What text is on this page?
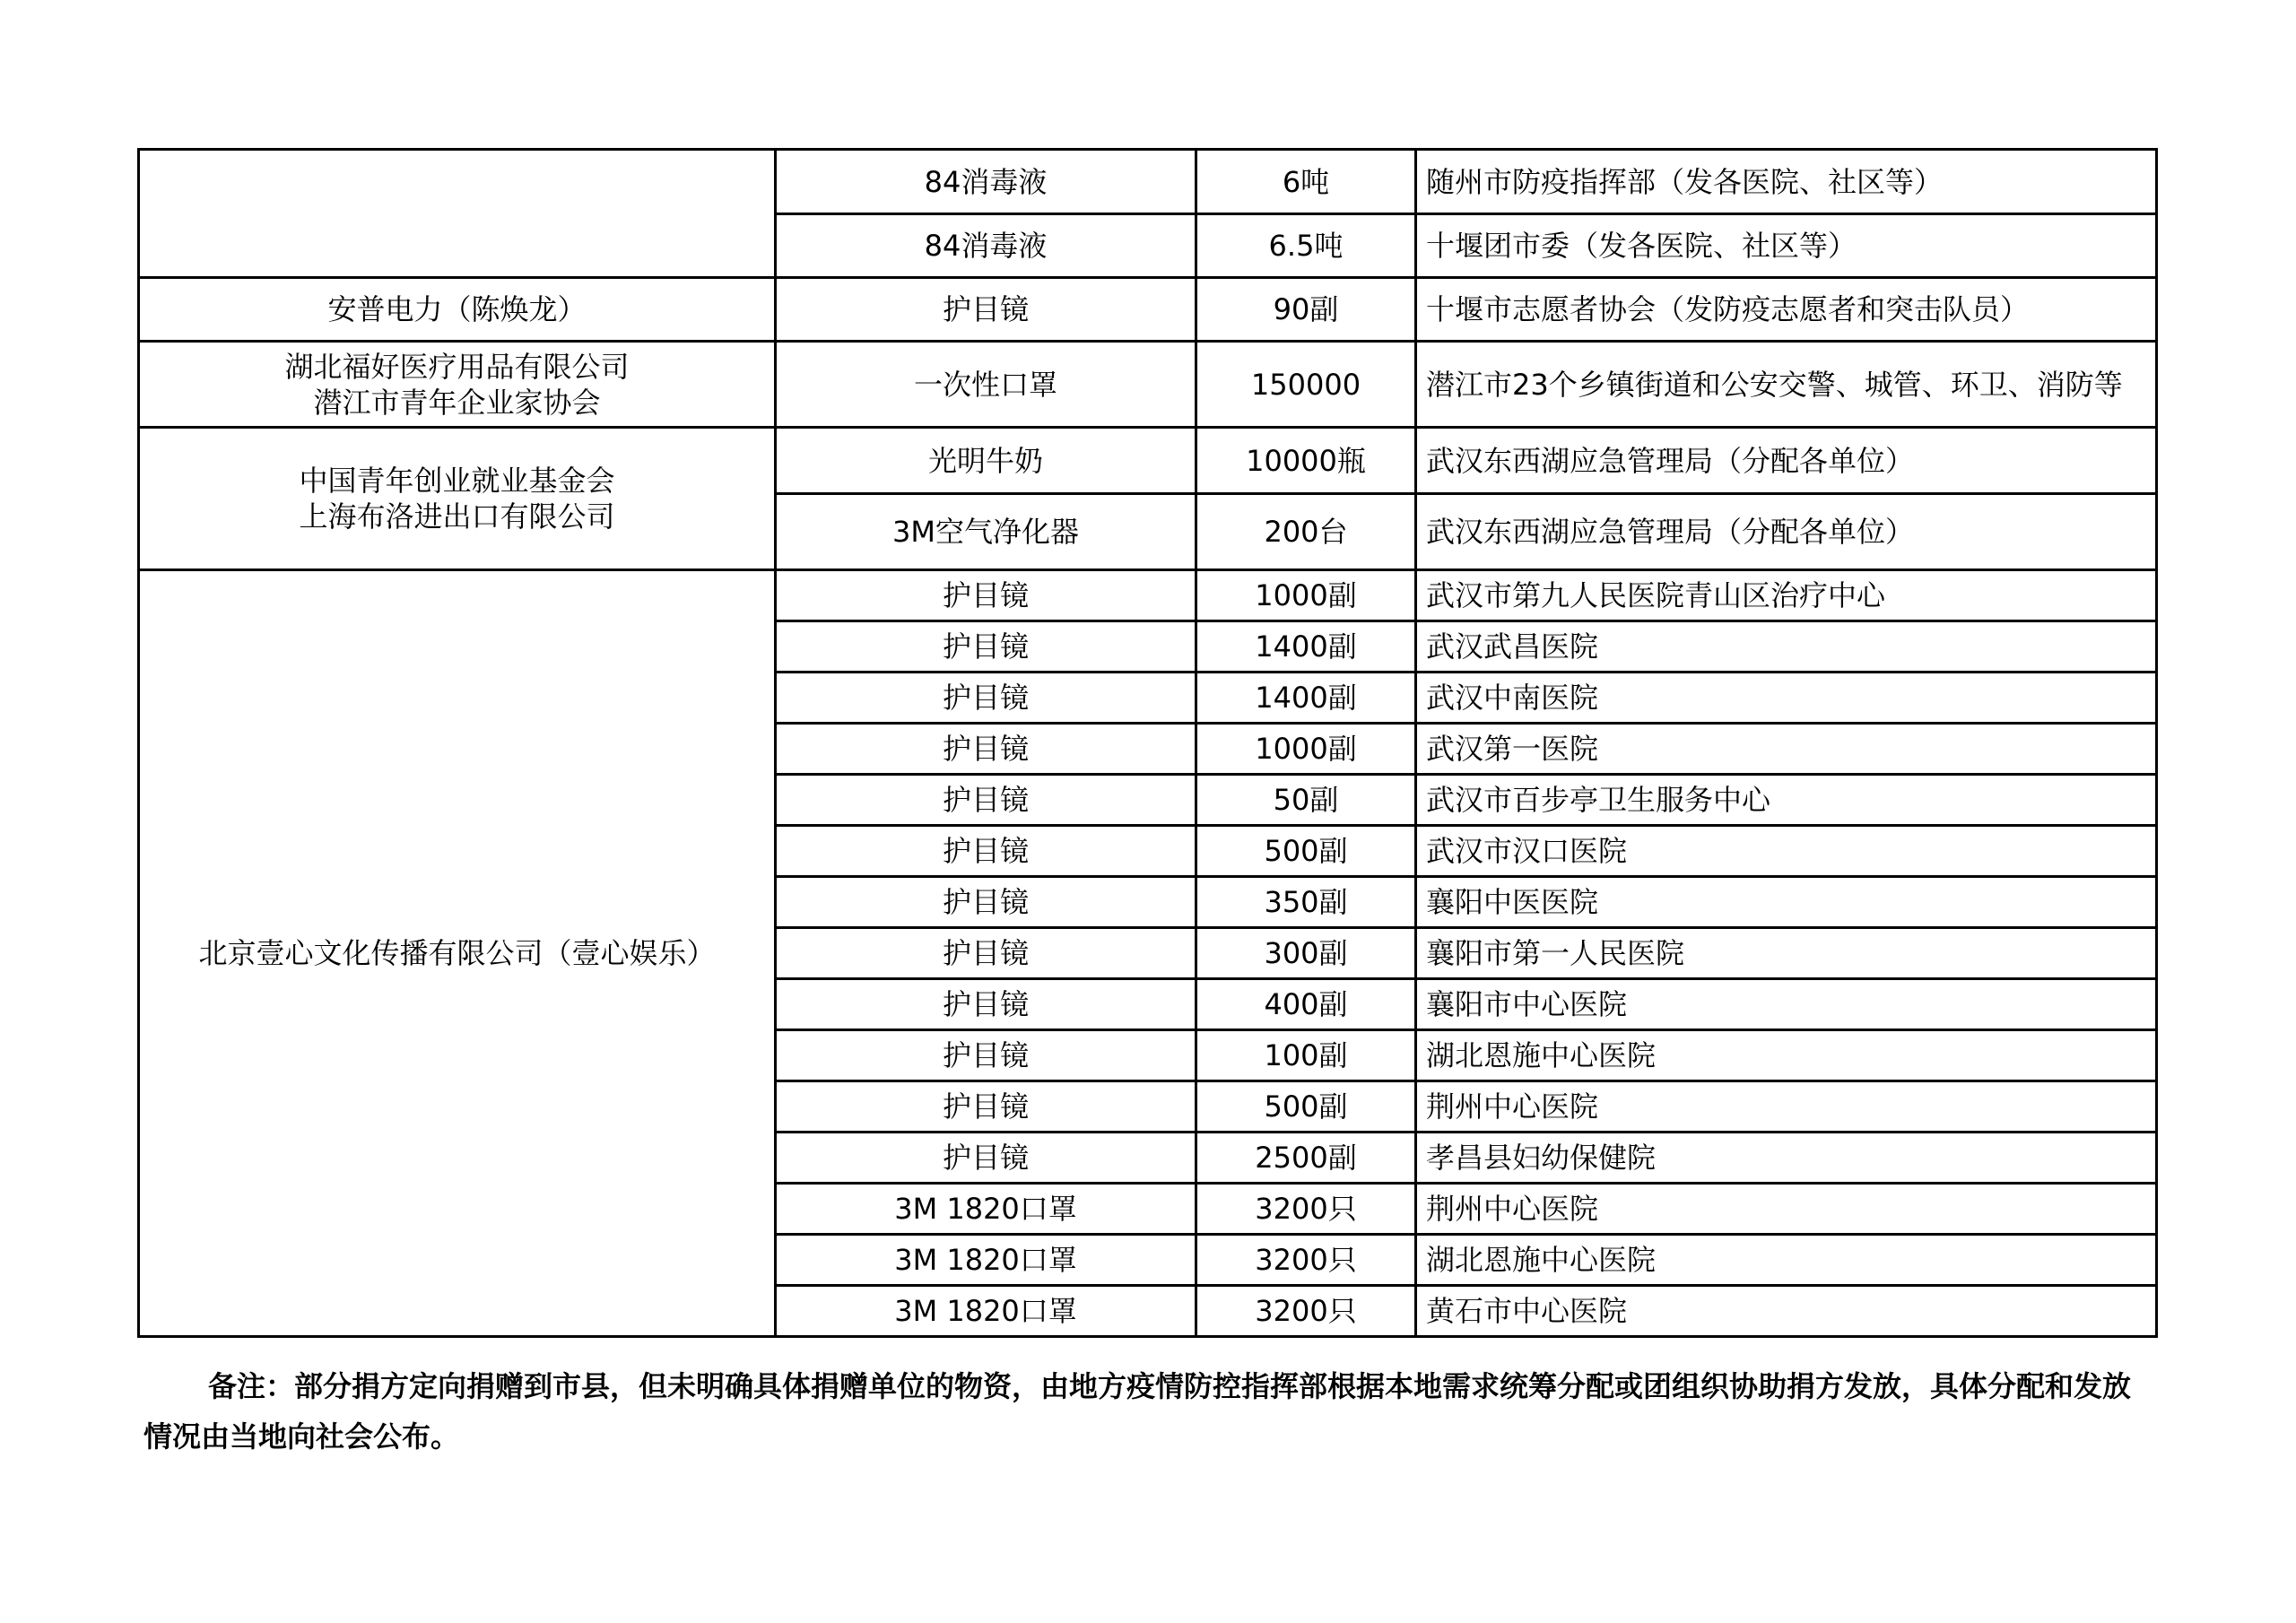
	84消毒液	6吨	随州市防疫指挥部（发各医院、社区等）
	84消毒液	6.5吨	十堰团市委（发各医院、社区等）

安普电力（陈焕龙）	护目镜	90副	十堰市志愿者协会（发防疫志愿者和突击队员）

湖北福好医疗用品有限公司
潜江市青年企业家协会	一次性口罩	150000	潜江市23个乡镇街道和公安交警、城管、环卫、消防等

中国青年创业就业基金会
上海布洛进出口有限公司	光明牛奶	10000瓶	武汉东西湖应急管理局（分配各单位）
	3M空气净化器	200台	武汉东西湖应急管理局（分配各单位）

北京壹心文化传播有限公司（壹心娱乐）	护目镜	1000副	武汉市第九人民医院青山区治疗中心
	护目镜	1400副	武汉武昌医院
	护目镜	1400副	武汉中南医院
	护目镜	1000副	武汉第一医院
	护目镜	50副	武汉市百步亭卫生服务中心
	护目镜	500副	武汉市汉口医院
	护目镜	350副	襄阳中医医院
	护目镜	300副	襄阳市第一人民医院
	护目镜	400副	襄阳市中心医院
	护目镜	100副	湖北恩施中心医院
	护目镜	500副	荆州中心医院
	护目镜	2500副	孝昌县妇幼保健院
	3M 1820口罩	3200只	荆州中心医院
	3M 1820口罩	3200只	湖北恩施中心医院
	3M 1820口罩	3200只	黄石市中心医院

备注：部分捐方定向捐赠到市县，但未明确具体捐赠单位的物资，由地方疫情防控指挥部根据本地需求统筹分配或团组织协助捐方发放，具体分配和发放情况由当地向社会公布。
